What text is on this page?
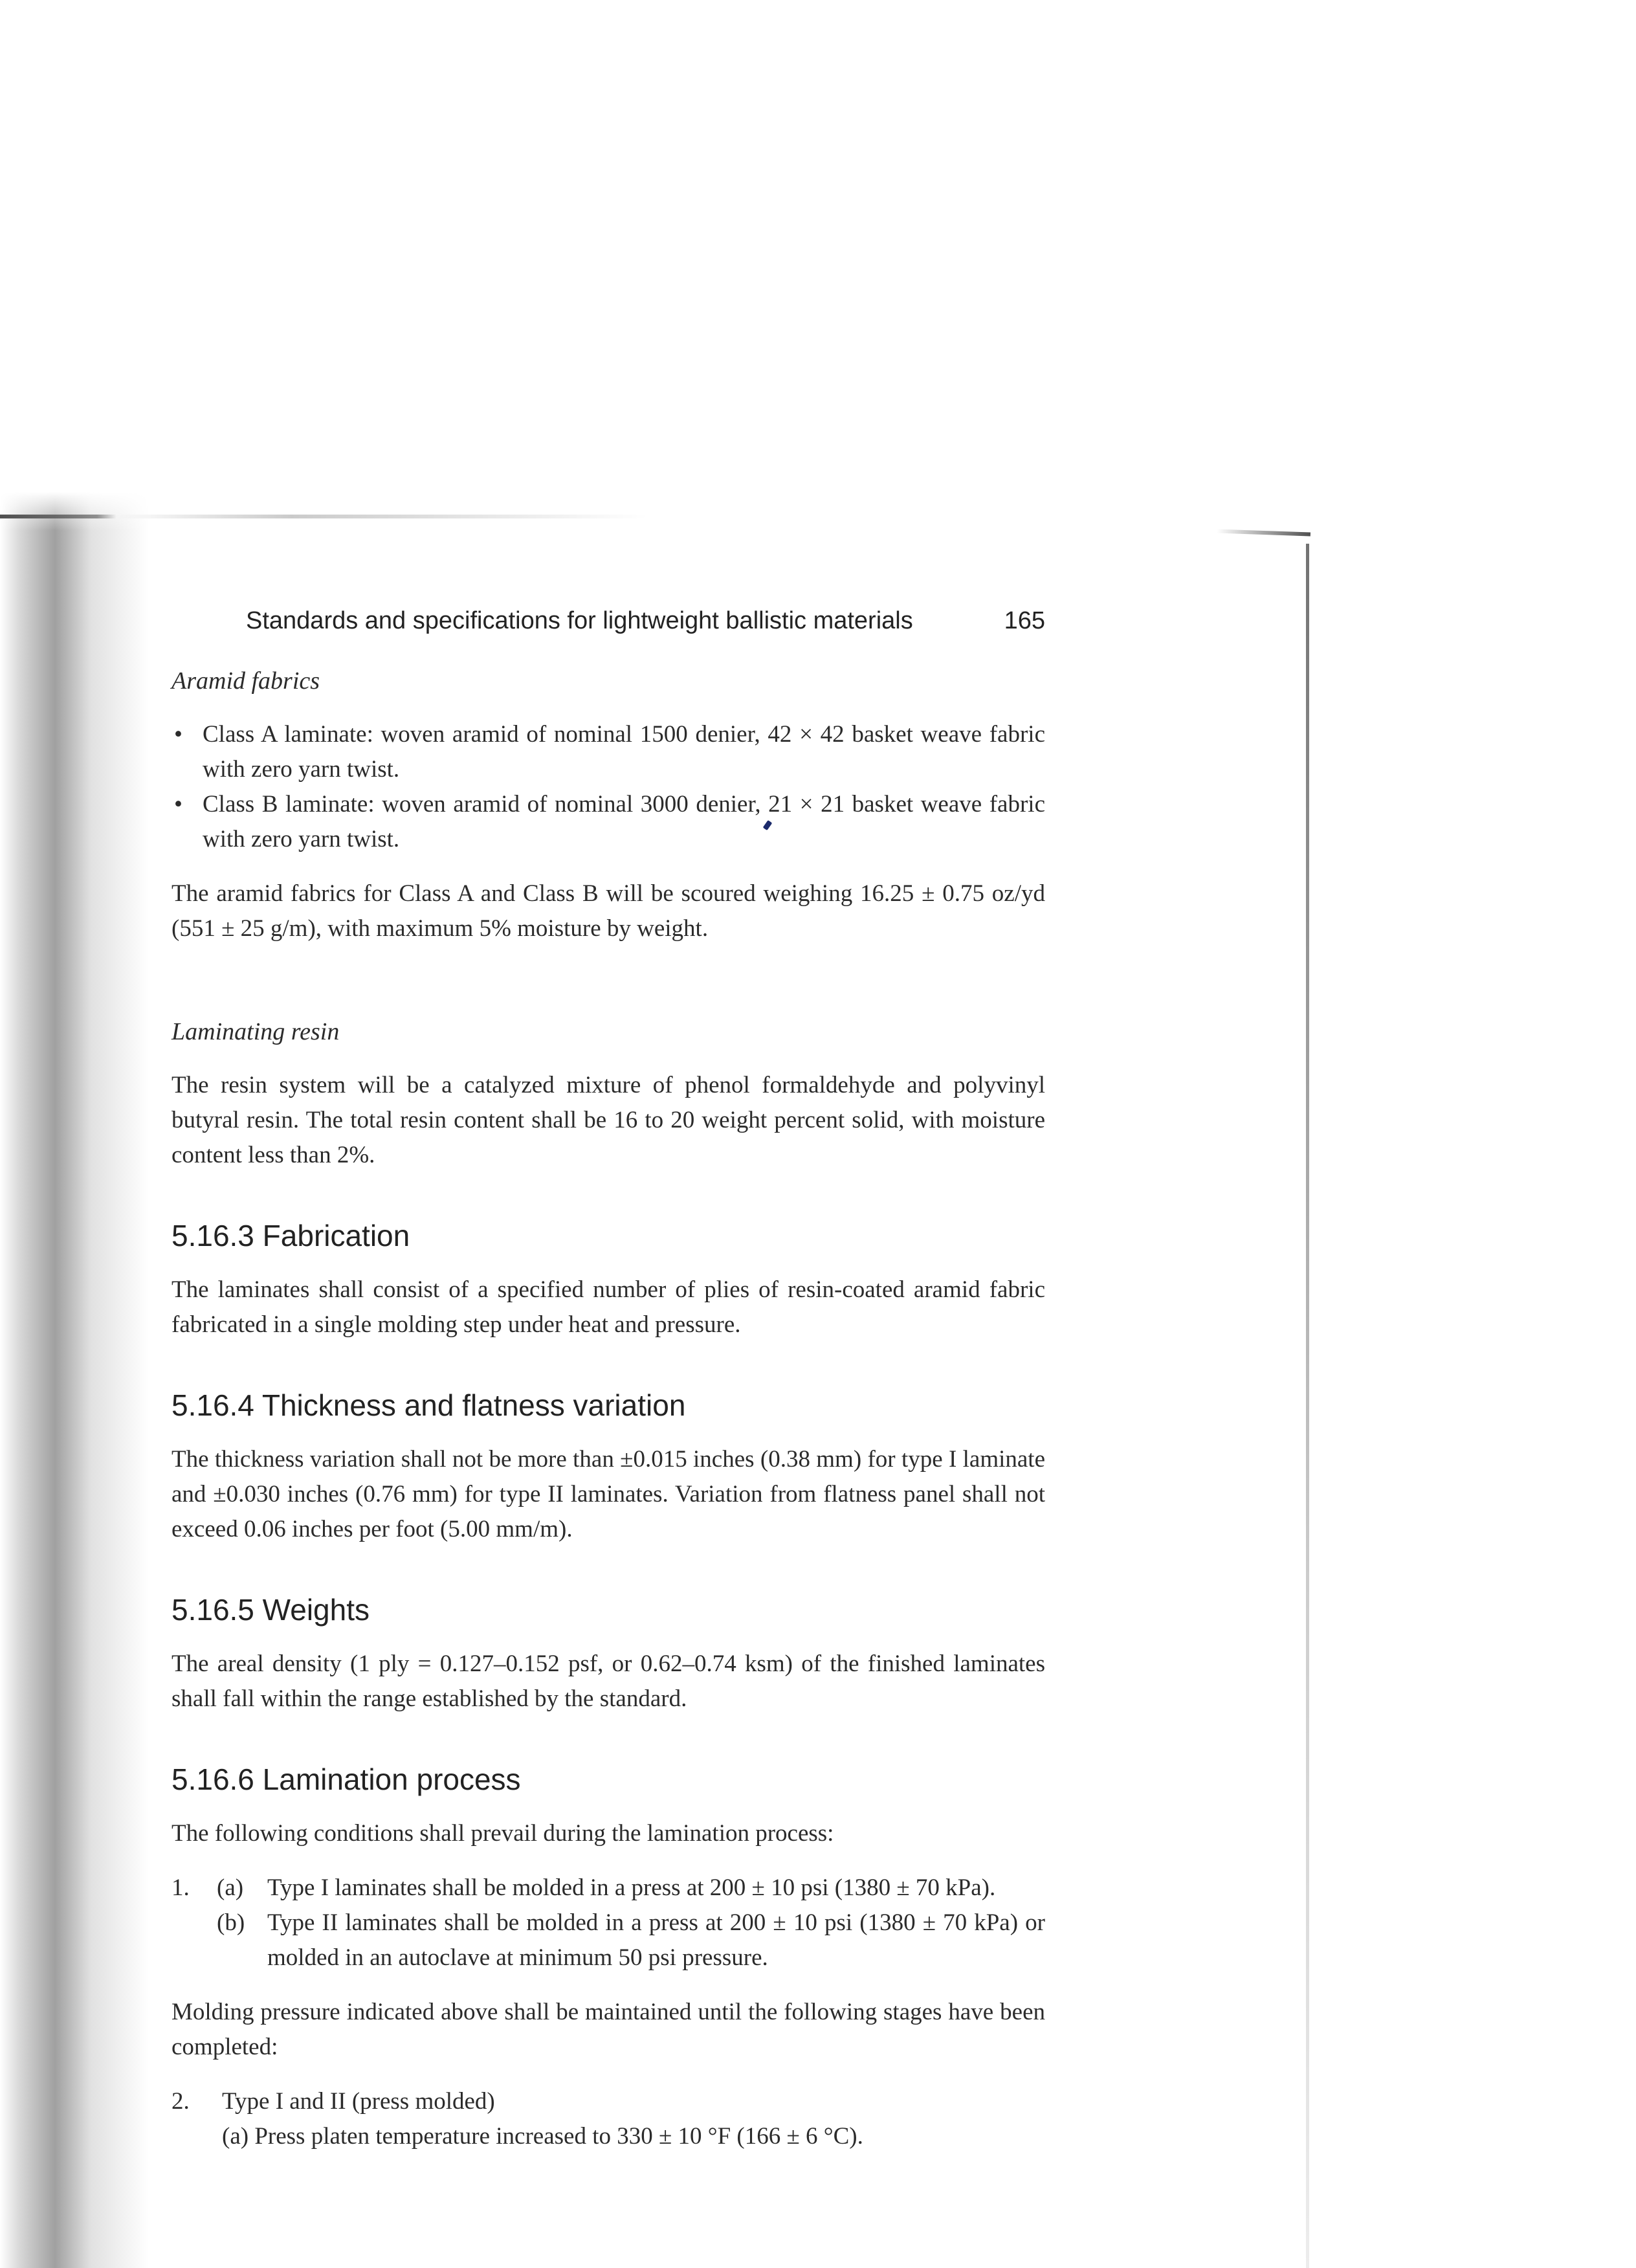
Standards and specifications for lightweight ballistic materials	165
Aramid fabrics
• Class A laminate: woven aramid of nominal 1500 denier, 42 × 42 basket weave fabric with zero yarn twist.
• Class B laminate: woven aramid of nominal 3000 denier, 21 × 21 basket weave fabric with zero yarn twist.

The aramid fabrics for Class A and Class B will be scoured weighing 16.25 ± 0.75 oz/yd (551 ± 25 g/m), with maximum 5% moisture by weight.

Laminating resin

The resin system will be a catalyzed mixture of phenol formaldehyde and polyvinyl butyral resin. The total resin content shall be 16 to 20 weight percent solid, with moisture content less than 2%.

5.16.3 Fabrication

The laminates shall consist of a specified number of plies of resin-coated aramid fabric fabricated in a single molding step under heat and pressure.

5.16.4 Thickness and flatness variation

The thickness variation shall not be more than ±0.015 inches (0.38 mm) for type I laminate and ±0.030 inches (0.76 mm) for type II laminates. Variation from flatness panel shall not exceed 0.06 inches per foot (5.00 mm/m).

5.16.5 Weights

The areal density (1 ply = 0.127–0.152 psf, or 0.62–0.74 ksm) of the finished laminates shall fall within the range established by the standard.

5.16.6 Lamination process

The following conditions shall prevail during the lamination process:

1.	(a) Type I laminates shall be molded in a press at 200 ± 10 psi (1380 ± 70 kPa).
(b) Type II laminates shall be molded in a press at 200 ± 10 psi (1380 ± 70 kPa) or molded in an autoclave at minimum 50 psi pressure.

Molding pressure indicated above shall be maintained until the following stages have been completed:

2.	Type I and II (press molded)
(a) Press platen temperature increased to 330 ± 10 °F (166 ± 6 °C).
